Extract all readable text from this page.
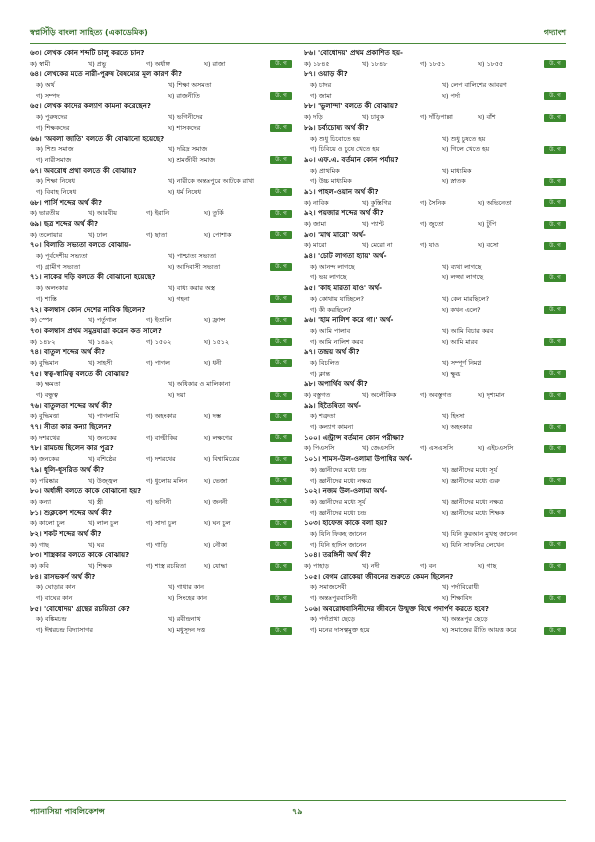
স্বপ্নসিঁড়ি বাংলা সাহিত্য (একাডেমিক)	গদ্যাংশ
৬৩। লেখক কোন শব্দটি চালু করতে চান?
ক) স্বামী	খ) প্রভু	গ) অর্ধাঙ্গ	ঘ) রাজা	উ. গ
৬৪। লেখকের মতে নারী-পুরুষ বৈষম্যের মূল কারণ কী?
ক) অর্থ	খ) শিক্ষা অসমতা
গ) সম্পদ	ঘ) রাজনীতি	উ. গ
৬৫। লেখক কাদের কল্যাণ কামনা করেছেন?
ক) পুরুষদের	খ) ভগিনীদের
গ) শিক্ষকদের	ঘ) শাসকদের	উ. গ
৬৬। 'অবলা জাতি' বলতে কী বোঝানো হয়েছে?
ক) শিশু সমাজ	খ) দরিদ্র সমাজ
গ) নারীসমাজ	ঘ) শ্রমজীবী সমাজ	উ. গ
৬৭। অবরোধ প্রথা বলতে কী বোঝায়?
ক) শিক্ষা নিষেধ	খ) নারীকে অন্তঃপুরে আটকে রাখা
গ) বিবাহ নিষেধ	ঘ) ধর্ম নিষেধ	উ. গ
৬৮। পার্সি শব্দের অর্থ কী?
ক) ভারতীয়	খ) আরবীয়	গ) ইরানি	ঘ) তুর্কি	উ. গ
৬৯। ছত্র শব্দের অর্থ কী?
ক) তলোয়ার	খ) ঢাল	গ) ছাতা	ঘ) পোশাক	উ. গ
৭০। বিলাতি সভ্যতা বলতে বোঝায়-
ক) পূর্বদেশীয় সভ্যতা	খ) পাশ্চাত্য সভ্যতা
গ) গ্রামীণ সভ্যতা	ঘ) আদিবাসী সভ্যতা	উ. গ
৭১। নাকের দড়ি বলতে কী বোঝানো হয়েছে?
ক) অলংকার	খ) বাধ্য করার অস্ত্র
গ) শাস্তি	ঘ) গহনা	উ. গ
৭২। কলম্বাস কোন দেশের নাবিক ছিলেন?
ক) স্পেন	খ) পর্তুগাল	গ) ইতালি	ঘ) ফ্রান্স	উ. গ
৭৩। কলম্বাস প্রথম সমুদ্রযাত্রা করেন কত সালে?
ক) ১৪৮২	খ) ১৪৯২	গ) ১৫০২	ঘ) ১৫১২	উ. গ
৭৪। বাতুল শব্দের অর্থ কী?
ক) বুদ্ধিমান	খ) সাহসী	গ) পাগল	ঘ) ধনী	উ. গ
৭৫। স্বত্ব-স্বামিত্ব বলতে কী বোঝায়?
ক) ক্ষমতা	খ) অধিকার ও মালিকানা
গ) বন্ধুত্ব	ঘ) দয়া	উ. গ
৭৬। বাতুলতা শব্দের অর্থ কী?
ক) বুদ্ধিমত্তা	খ) পাগলামি	গ) অহংকার	ঘ) দম্ভ	উ. গ
৭৭। সীতা কার কন্যা ছিলেন?
ক) দশরথের	খ) জনকের	গ) বাল্মীকির	ঘ) লক্ষণের	উ. গ
৭৮। রামচন্দ্র ছিলেন কার পুত্র?
ক) জনকের	খ) বশিষ্ঠের	গ) দশরথের	ঘ) বিশ্বামিত্রের	উ. গ
৭৯। ধূলি-ধূসরিত অর্থ কী?
ক) পরিষ্কার	খ) উজ্জ্বল	গ) ধুলোয় মলিন	ঘ) ভেজা	উ. গ
৮০। অর্ধাঙ্গী বলতে কাকে বোঝানো হয়?
ক) কন্যা	খ) স্ত্রী	গ) ভগিনী	ঘ) জননী	উ. গ
৮১। শুক্লকেশ শব্দের অর্থ কী?
ক) কালো চুল	খ) লাল চুল	গ) সাদা চুল	ঘ) ঘন চুল	উ. গ
৮২। শকট শব্দের অর্থ কী?
ক) গাছ	খ) ঘর	গ) গাড়ি	ঘ) নৌকা	উ. গ
৮৩। শাস্ত্রকার বলতে কাকে বোঝায়?
ক) কবি	খ) শিক্ষক	গ) শাস্ত্র রচয়িতা	ঘ) যোদ্ধা	উ. গ
৮৪। রাসভকর্ণ অর্থ কী?
ক) ঘোড়ার কান	খ) গাধার কান
গ) বাঘের কান	ঘ) সিংহের কান	উ. গ
৮৫। 'বোধোদয়' গ্রন্থের রচয়িতা কে?
ক) বঙ্কিমচন্দ্র	খ) রবীন্দ্রনাথ
গ) ঈশ্বরচন্দ্র বিদ্যাসাগর	ঘ) মধুসূদন দত্ত	উ. গ
৮৬। 'বোধোদয়' প্রথম প্রকাশিত হয়-
ক) ১৮৪৫	খ) ১৮৪৮	গ) ১৮৫১	ঘ) ১৮৫৫	উ. গ
৮৭। ওয়াড় কী?
ক) চাদর	খ) লেপ বালিশের আবরণ
গ) জামা	ঘ) পর্দা	উ. গ
৮৮। 'ভুলান্দা' বলতে কী বোঝায়?
ক) দড়ি	খ) চাবুক	গ) দাঁড়িপাল্লা	ঘ) বাঁশ	উ. গ
৮৯। চর্ব্যচোষ্য অর্থ কী?
ক) শুধু চিবোতে হয়	খ) শুধু চুষতে হয়
গ) চিবিয়ে ও চুষে খেতে হয়	ঘ) গিলে খেতে হয়	উ. গ
৯০। এফ.এ. বর্তমান কোন পর্যায়?
ক) প্রাথমিক	খ) মাধ্যমিক
গ) উচ্চ মাধ্যমিক	ঘ) স্নাতক	উ. গ
৯১। পাহল-ওয়ান অর্থ কী?
ক) নাবিক	খ) কুস্তিগির	গ) সৈনিক	ঘ) অভিনেতা	উ. গ
৯২। পয়জার শব্দের অর্থ কী?
ক) জামা	খ) প্যান্ট	গ) জুতো	ঘ) টুপি	উ. গ
৯৩। 'মাথ মারো' অর্থ-
ক) মারো	খ) মেরো না	গ) যাও	ঘ) বসো	উ. গ
৯৪। 'চোট লাগতা হ্যায়' অর্থ-
ক) আনন্দ লাগছে	খ) ব্যথা লাগছে
গ) ভয় লাগছে	ঘ) লজ্জা লাগছে	উ. গ
৯৫। 'কাহ মারতা যাও' অর্থ-
ক) কোথায় যাচ্ছিলে?	খ) কেন মারছিলে?
গ) কী করছিলে?	ঘ) কখন এলে?	উ. গ
৯৬। 'হাম নালিশ করে গা।' অর্থ-
ক) আমি পালাব	খ) আমি বিচার করব
গ) আমি নালিশ করব	ঘ) আমি মারব	উ. গ
৯৭। তন্দ্রয় অর্থ কী?
ক) বিচলিত	খ) সম্পূর্ণ নিমগ্ন
গ) ক্লান্ত	ঘ) ক্ষুব্ধ	উ. গ
৯৮। অপার্থিব অর্থ কী?
ক) বস্তুগত	খ) অলৌকিক	গ) অবস্তুগত	ঘ) দৃশ্যমান	উ. গ
৯৯। হিতৈষিতা অর্থ-
ক) শত্রুতা	খ) হিংসা
গ) কল্যাণ কামনা	ঘ) অহংকার	উ. গ
১০০। এন্ট্রান্স বর্তমান কোন পরীক্ষা?
ক) পিএসসি	খ) জেএসসি	গ) এসএসসি	ঘ) এইচএসসি	উ. গ
১০১। শামস-উল-ওলামা উপাধির অর্থ-
ক) জ্ঞানীদের মধ্যে চন্দ্র	খ) জ্ঞানীদের মধ্যে সূর্য
গ) জ্ঞানীদের মধ্যে নক্ষত্র	ঘ) জ্ঞানীদের মধ্যে গুরু	উ. গ
১০২। নজম উল-ওলামা অর্থ-
ক) জ্ঞানীদের মধ্যে সূর্য	খ) জ্ঞানীদের মধ্যে নক্ষত্র
গ) জ্ঞানীদের মধ্যে চন্দ্র	ঘ) জ্ঞানীদের মধ্যে শিক্ষক	উ. গ
১০৩। হাফেজ কাকে বলা হয়?
ক) যিনি ফিকহ জানেন	খ) যিনি কুরআন মুখস্থ জানেন
গ) যিনি হাদিস জানেন	ঘ) যিনি সাফসির লেখেন	উ. গ
১০৪। তরঙ্গিনী অর্থ কী?
ক) পাহাড়	খ) নদী	গ) বন	ঘ) গাছ	উ. গ
১০৫। বেগম রোকেয়া জীবনের শুরুতে কেমন ছিলেন?
ক) সমাজসেবী	খ) পর্দাবিরোধী
গ) অন্তঃপুরবাসিনী	ঘ) শিক্ষাবিদ	উ. গ
১০৬। অবরোধবাসিনীদের জীবনে উন্মুক্ত বিশ্বে পদার্পণ করতে হবে?
ক) পর্দাপ্রথা ছেড়ে	খ) অন্তঃপুর ছেড়ে
গ) মনের দাসত্বমুক্ত হয়ে	ঘ) সমাজের রীতি আয়ত্ত করে	উ. গ
প্যানাসিয়া পাবলিকেশন্স	৭৯
